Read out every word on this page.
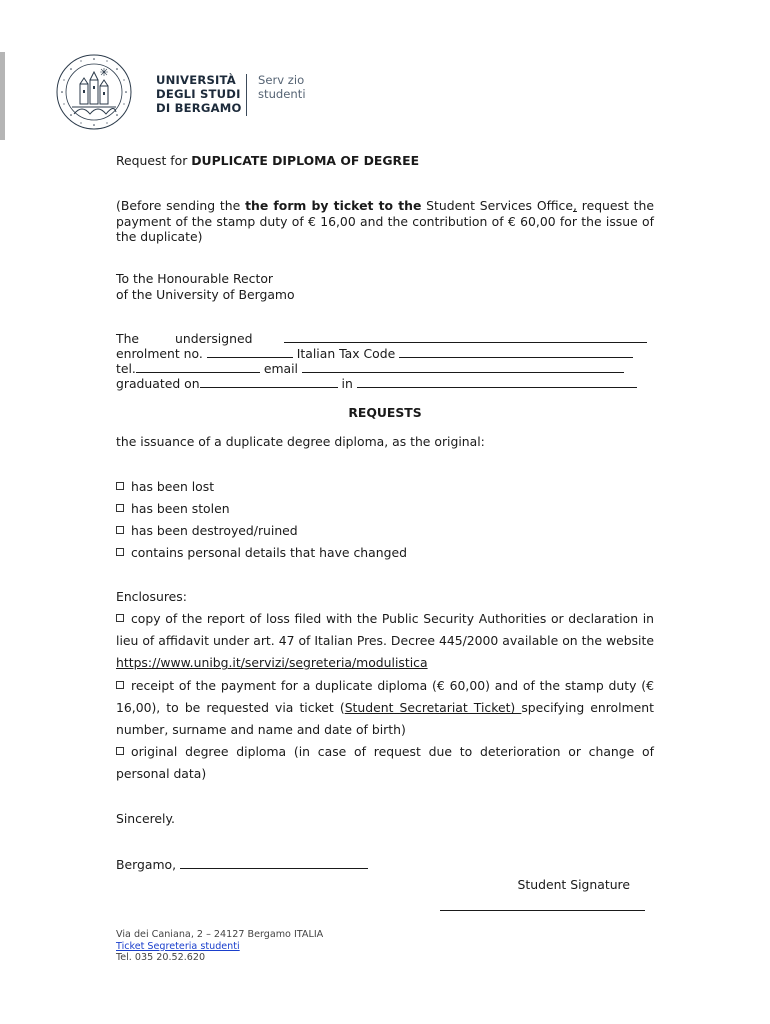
UNIVERSITÀ
DEGLI STUDI
DI BERGAMO
Serv zio
studenti

Request for DUPLICATE DIPLOMA OF DEGREE

(Before sending the the form by ticket to the Student Services Office, request the payment of the stamp duty of € 16,00 and the contribution of € 60,00 for the issue of the duplicate)

To the Honourable Rector
of the University of Bergamo

The	undersigned
enrolment no.	Italian Tax Code
tel.	email
graduated on	in

REQUESTS

the issuance of a duplicate degree diploma, as the original:

has been lost
has been stolen
has been destroyed/ruined
contains personal details that have changed

Enclosures:

copy of the report of loss filed with the Public Security Authorities or declaration in lieu of affidavit under art. 47 of Italian Pres. Decree 445/2000 available on the website https://www.unibg.it/servizi/segreteria/modulistica

receipt of the payment for a duplicate diploma (€ 60,00) and of the stamp duty (€ 16,00), to be requested via ticket (Student Secretariat Ticket) specifying enrolment number, surname and name and date of birth)

original degree diploma (in case of request due to deterioration or change of personal data)

Sincerely.

Bergamo,
Student Signature
Via dei Caniana, 2 – 24127 Bergamo ITALIA
Ticket Segreteria studenti
Tel. 035 20.52.620
